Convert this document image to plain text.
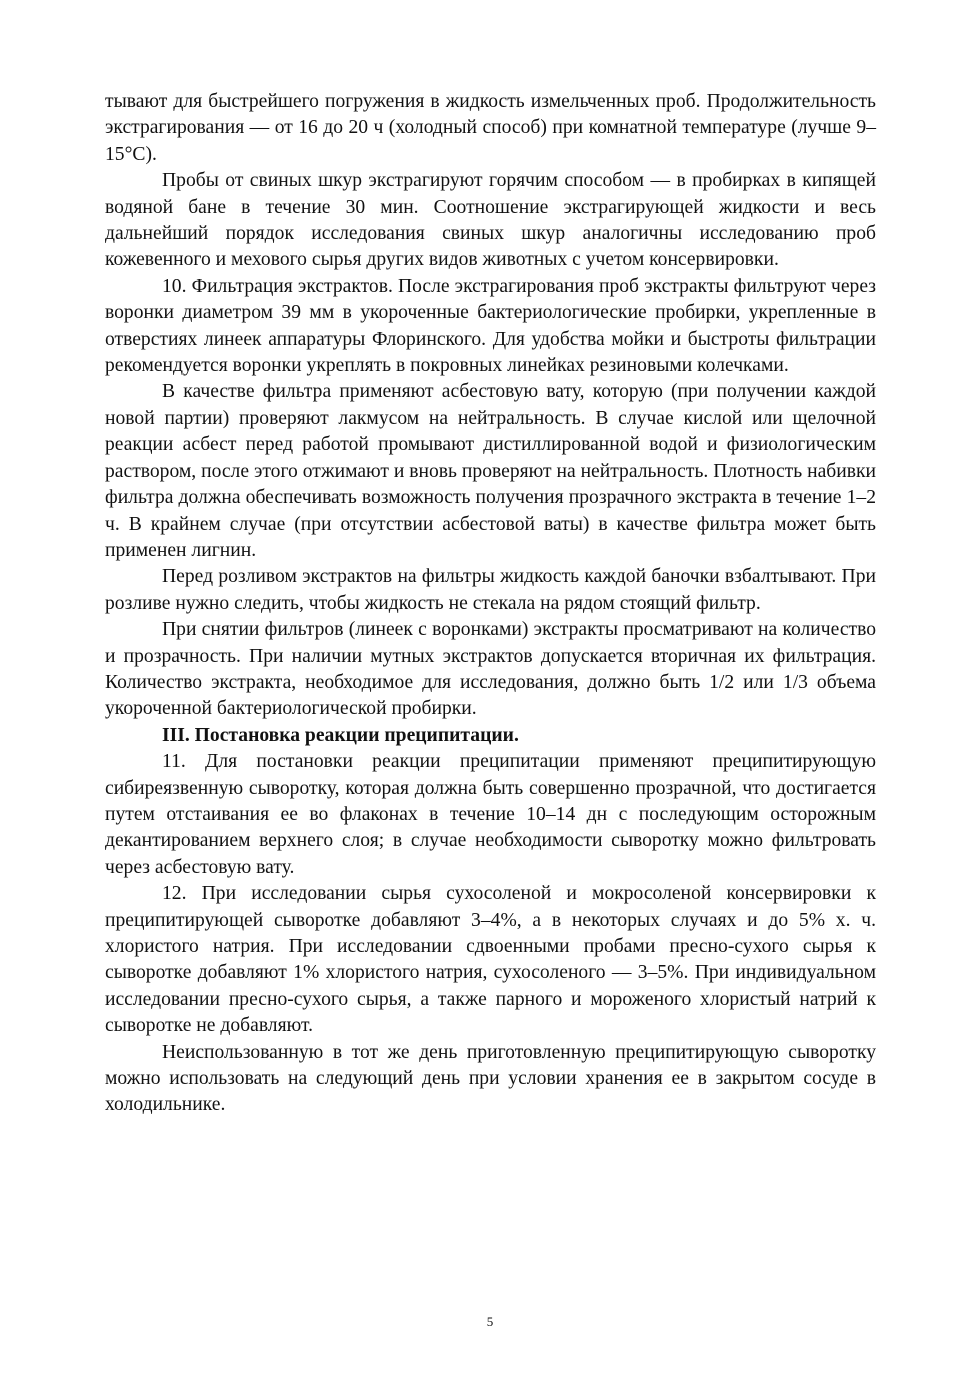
тывают для быстрейшего погружения в жидкость измельченных проб. Продолжительность экстрагирования — от 16 до 20 ч (холодный способ) при комнатной температуре (лучше 9–15°С).

Пробы от свиных шкур экстрагируют горячим способом — в пробирках в кипящей водяной бане в течение 30 мин. Соотношение экстрагирующей жидкости и весь дальнейший порядок исследования свиных шкур аналогичны исследованию проб кожевенного и мехового сырья других видов животных с учетом консервировки.

10. Фильтрация экстрактов. После экстрагирования проб экстракты фильтруют через воронки диаметром 39 мм в укороченные бактериологические пробирки, укрепленные в отверстиях линеек аппаратуры Флоринского. Для удобства мойки и быстроты фильтрации рекомендуется воронки укреплять в покровных линейках резиновыми колечками.

В качестве фильтра применяют асбестовую вату, которую (при получении каждой новой партии) проверяют лакмусом на нейтральность. В случае кислой или щелочной реакции асбест перед работой промывают дистиллированной водой и физиологическим раствором, после этого отжимают и вновь проверяют на нейтральность. Плотность набивки фильтра должна обеспечивать возможность получения прозрачного экстракта в течение 1–2 ч. В крайнем случае (при отсутствии асбестовой ваты) в качестве фильтра может быть применен лигнин.

Перед розливом экстрактов на фильтры жидкость каждой баночки взбалтывают. При розливе нужно следить, чтобы жидкость не стекала на рядом стоящий фильтр.

При снятии фильтров (линеек с воронками) экстракты просматривают на количество и прозрачность. При наличии мутных экстрактов допускается вторичная их фильтрация. Количество экстракта, необходимое для исследования, должно быть 1/2 или 1/3 объема укороченной бактериологической пробирки.

III. Постановка реакции преципитации.

11. Для постановки реакции преципитации применяют преципитирующую сибиреязвенную сыворотку, которая должна быть совершенно прозрачной, что достигается путем отстаивания ее во флаконах в течение 10–14 дн с последующим осторожным декантированием верхнего слоя; в случае необходимости сыворотку можно фильтровать через асбестовую вату.

12. При исследовании сырья сухосоленой и мокросоленой консервировки к преципитирующей сыворотке добавляют 3–4%, а в некоторых случаях и до 5% х. ч. хлористого натрия. При исследовании сдвоенными пробами пресно-сухого сырья к сыворотке добавляют 1% хлористого натрия, сухосоленого — 3–5%. При индивидуальном исследовании пресно-сухого сырья, а также парного и мороженого хлористый натрий к сыворотке не добавляют.

Неиспользованную в тот же день приготовленную преципитирующую сыворотку можно использовать на следующий день при условии хранения ее в закрытом сосуде в холодильнике.

5
